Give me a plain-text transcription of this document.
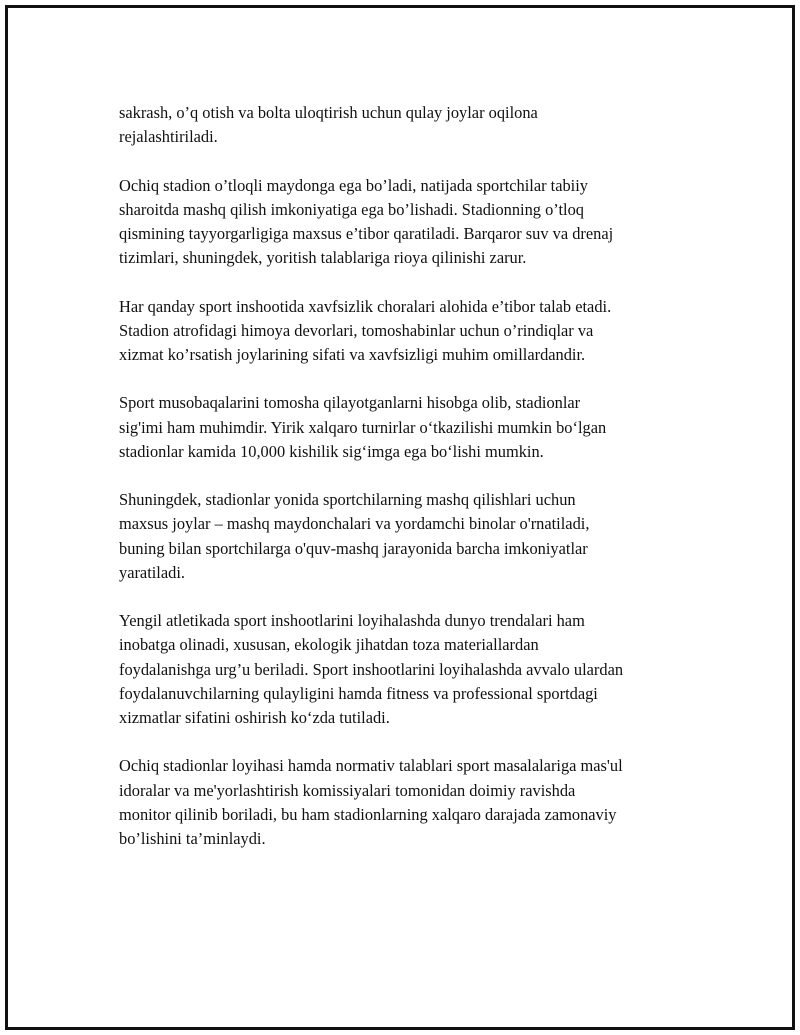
sakrash, o’q otish va bolta uloqtirish uchun qulay joylar oqilona
rejalashtiriladi.

Ochiq stadion o’tloqli maydonga ega bo’ladi, natijada sportchilar tabiiy
sharoitda mashq qilish imkoniyatiga ega bo’lishadi. Stadionning o’tloq
qismining tayyorgarligiga maxsus e’tibor qaratiladi. Barqaror suv va drenaj
tizimlari, shuningdek, yoritish talablariga rioya qilinishi zarur.

Har qanday sport inshootida xavfsizlik choralari alohida e’tibor talab etadi.
Stadion atrofidagi himoya devorlari, tomoshabinlar uchun o’rindiqlar va
xizmat ko’rsatish joylarining sifati va xavfsizligi muhim omillardandir.

Sport musobaqalarini tomosha qilayotganlarni hisobga olib, stadionlar
sig'imi ham muhimdir. Yirik xalqaro turnirlar o‘tkazilishi mumkin bo‘lgan
stadionlar kamida 10,000 kishilik sig‘imga ega bo‘lishi mumkin.

Shuningdek, stadionlar yonida sportchilarning mashq qilishlari uchun
maxsus joylar – mashq maydonchalari va yordamchi binolar o'rnatiladi,
buning bilan sportchilarga o'quv-mashq jarayonida barcha imkoniyatlar
yaratiladi.

Yengil atletikada sport inshootlarini loyihalashda dunyo trendalari ham
inobatga olinadi, xususan, ekologik jihatdan toza materiallardan
foydalanishga urg’u beriladi. Sport inshootlarini loyihalashda avvalo ulardan
foydalanuvchilarning qulayligini hamda fitness va professional sportdagi
xizmatlar sifatini oshirish ko‘zda tutiladi.

Ochiq stadionlar loyihasi hamda normativ talablari sport masalalariga mas'ul
idoralar va me'yorlashtirish komissiyalari tomonidan doimiy ravishda
monitor qilinib boriladi, bu ham stadionlarning xalqaro darajada zamonaviy
bo’lishini ta’minlaydi.
